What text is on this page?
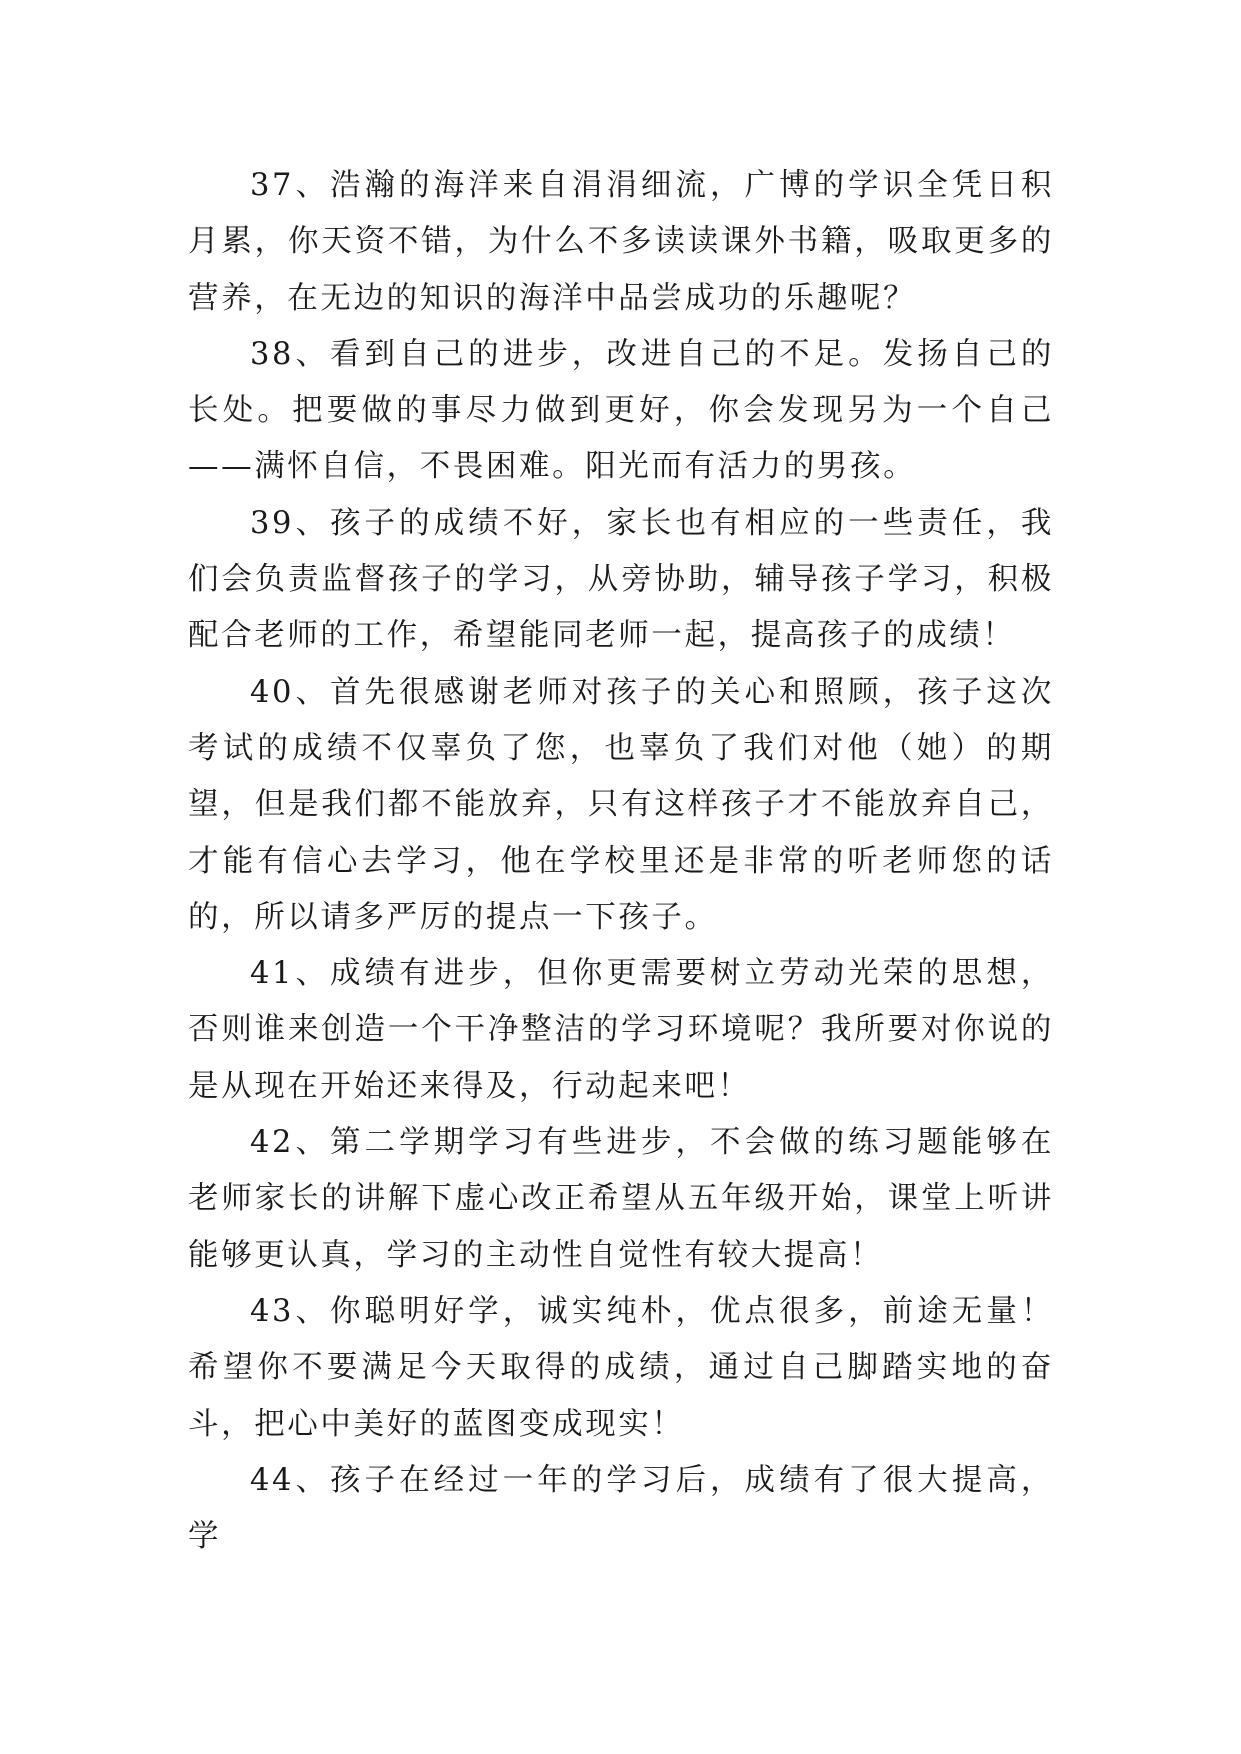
37、浩瀚的海洋来自涓涓细流，广博的学识全凭日积月累，你天资不错，为什么不多读读课外书籍，吸取更多的营养，在无边的知识的海洋中品尝成功的乐趣呢？

38、看到自己的进步，改进自己的不足。发扬自己的长处。把要做的事尽力做到更好，你会发现另为一个自己——满怀自信，不畏困难。阳光而有活力的男孩。

39、孩子的成绩不好，家长也有相应的一些责任，我们会负责监督孩子的学习，从旁协助，辅导孩子学习，积极配合老师的工作，希望能同老师一起，提高孩子的成绩！

40、首先很感谢老师对孩子的关心和照顾，孩子这次考试的成绩不仅辜负了您，也辜负了我们对他（她）的期望，但是我们都不能放弃，只有这样孩子才不能放弃自己，才能有信心去学习，他在学校里还是非常的听老师您的话的，所以请多严厉的提点一下孩子。

41、成绩有进步，但你更需要树立劳动光荣的思想，否则谁来创造一个干净整洁的学习环境呢？我所要对你说的是从现在开始还来得及，行动起来吧！

42、第二学期学习有些进步，不会做的练习题能够在老师家长的讲解下虚心改正希望从五年级开始，课堂上听讲能够更认真，学习的主动性自觉性有较大提高！

43、你聪明好学，诚实纯朴，优点很多，前途无量！希望你不要满足今天取得的成绩，通过自己脚踏实地的奋斗，把心中美好的蓝图变成现实！

44、孩子在经过一年的学习后，成绩有了很大提高，学
